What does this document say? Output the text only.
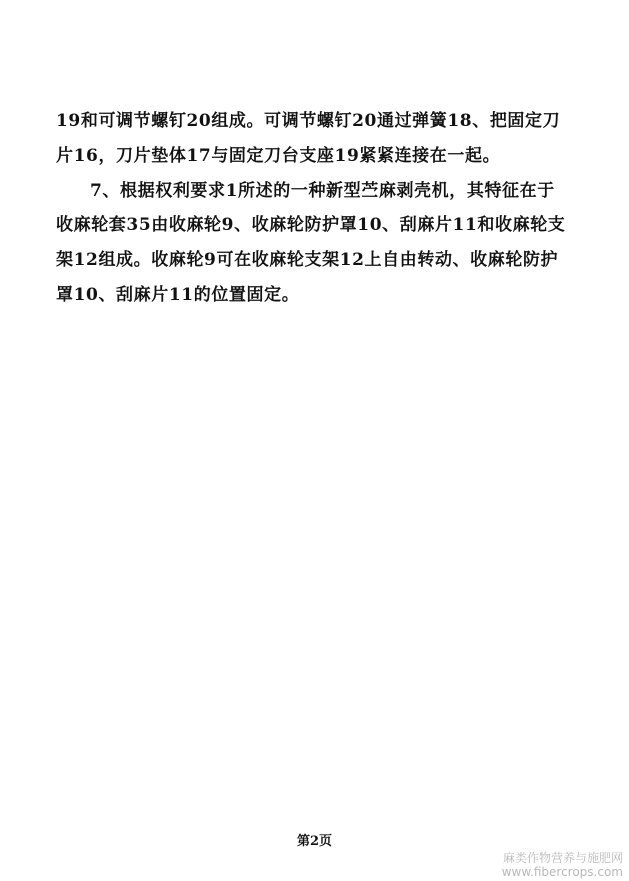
19和可调节螺钉20组成。可调节螺钉20通过弹簧18、把固定刀
片16，刀片垫体17与固定刀台支座19紧紧连接在一起。
7、根据权利要求1所述的一种新型苎麻剥壳机，其特征在于
收麻轮套35由收麻轮9、收麻轮防护罩10、刮麻片11和收麻轮支
架12组成。收麻轮9可在收麻轮支架12上自由转动、收麻轮防护
罩10、刮麻片11的位置固定。
第2页
麻类作物营养与施肥网
www.fibercrops.com
